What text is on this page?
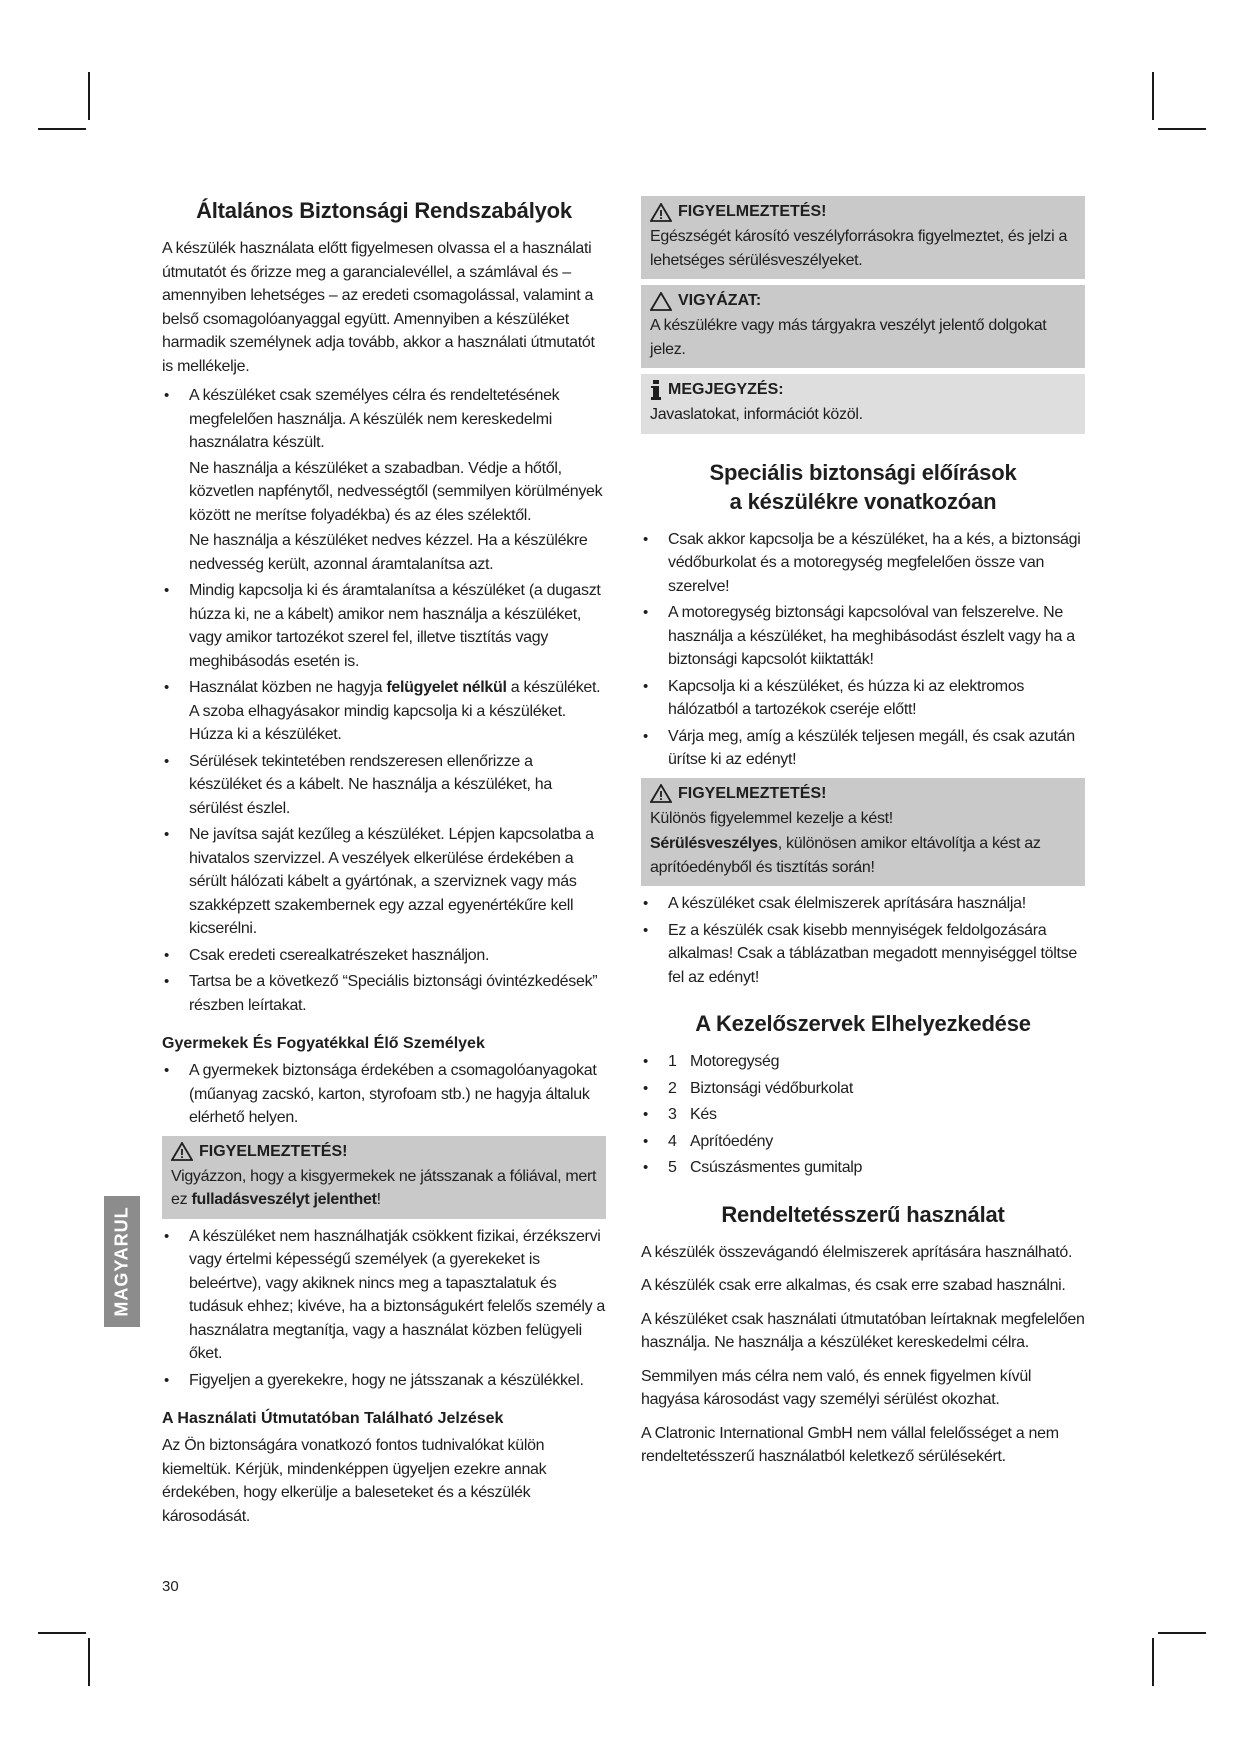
Általános Biztonsági Rendszabályok

A készülék használata előtt figyelmesen olvassa el a használati útmutatót és őrizze meg a garancialevéllel, a számlával és – amennyiben lehetséges – az eredeti csomagolással, valamint a belső csomagolóanyaggal együtt. Amennyiben a készüléket harmadik személynek adja tovább, akkor a használati útmutatót is mellékelje.

• A készüléket csak személyes célra és rendeltetésének megfelelően használja. A készülék nem kereskedelmi használatra készült.
Ne használja a készüléket a szabadban. Védje a hőtől, közvetlen napfénytől, nedvességtől (semmilyen körülmények között ne merítse folyadékba) és az éles szélektől.
Ne használja a készüléket nedves kézzel. Ha a készülékre nedvesség került, azonnal áramtalanítsa azt.
• Mindig kapcsolja ki és áramtalanítsa a készüléket (a dugaszt húzza ki, ne a kábelt) amikor nem használja a készüléket, vagy amikor tartozékot szerel fel, illetve tisztítás vagy meghibásodás esetén is.
• Használat közben ne hagyja felügyelet nélkül a készüléket. A szoba elhagyásakor mindig kapcsolja ki a készüléket. Húzza ki a készüléket.
• Sérülések tekintetében rendszeresen ellenőrizze a készüléket és a kábelt. Ne használja a készüléket, ha sérülést észlel.
• Ne javítsa saját kezűleg a készüléket. Lépjen kapcsolatba a hivatalos szervizzel. A veszélyek elkerülése érdekében a sérült hálózati kábelt a gyártónak, a szerviznek vagy más szakképzett szakembernek egy azzal egyenértékűre kell kicserélni.
• Csak eredeti cserealkatrészeket használjon.
• Tartsa be a következő “Speciális biztonsági óvintézkedések” részben leírtakat.
Gyermekek És Fogyatékkal Élő Személyek
• A gyermekek biztonsága érdekében a csomagolóanyagokat (műanyag zacskó, karton, styrofoam stb.) ne hagyja általuk elérhető helyen.
FIGYELMEZTETÉS!

Vigyázzon, hogy a kisgyermekek ne játsszanak a fóliával, mert ez fulladásveszélyt jelenthet!

• A készüléket nem használhatják csökkent fizikai, érzékszervi vagy értelmi képességű személyek (a gyerekeket is beleértve), vagy akiknek nincs meg a tapasztalatuk és tudásuk ehhez; kivéve, ha a biztonságukért felelős személy a használatra megtanítja, vagy a használat közben felügyeli őket.
• Figyeljen a gyerekekre, hogy ne játsszanak a készülékkel.
A Használati Útmutatóban Található Jelzések

Az Ön biztonságára vonatkozó fontos tudnivalókat külön kiemeltük. Kérjük, mindenképpen ügyeljen ezekre annak érdekében, hogy elkerülje a baleseteket és a készülék károsodását.

FIGYELMEZTETÉS!

Egészségét károsító veszélyforrásokra figyelmeztet, és jelzi a lehetséges sérülésveszélyeket.

VIGYÁZAT:

A készülékre vagy más tárgyakra veszélyt jelentő dolgokat jelez.

MEGJEGYZÉS:

Javaslatokat, információt közöl.

Speciális biztonsági előírások
a készülékre vonatkozóan
• Csak akkor kapcsolja be a készüléket, ha a kés, a biztonsági védőburkolat és a motoregység megfelelően össze van szerelve!
• A motoregység biztonsági kapcsolóval van felszerelve. Ne használja a készüléket, ha meghibásodást észlelt vagy ha a biztonsági kapcsolót kiiktatták!
• Kapcsolja ki a készüléket, és húzza ki az elektromos hálózatból a tartozékok cseréje előtt!
• Várja meg, amíg a készülék teljesen megáll, és csak azután ürítse ki az edényt!
FIGYELMEZTETÉS!

Különös figyelemmel kezelje a kést!

Sérülésveszélyes, különösen amikor eltávolítja a kést az aprítóedényből és tisztítás során!

• A készüléket csak élelmiszerek aprítására használja!
• Ez a készülék csak kisebb mennyiségek feldolgozására alkalmas! Csak a táblázatban megadott mennyiséggel töltse fel az edényt!
A Kezelőszervek Elhelyezkedése
• 1 Motoregység
• 2 Biztonsági védőburkolat
• 3 Kés
• 4 Aprítóedény
• 5 Csúszásmentes gumitalp
Rendeltetésszerű használat

A készülék összevágandó élelmiszerek aprítására használható.

A készülék csak erre alkalmas, és csak erre szabad használni.

A készüléket csak használati útmutatóban leírtaknak megfelelően használja. Ne használja a készüléket kereskedelmi célra.

Semmilyen más célra nem való, és ennek figyelmen kívül hagyása károsodást vagy személyi sérülést okozhat.

A Clatronic International GmbH nem vállal felelősséget a nem rendeltetésszerű használatból keletkező sérülésekért.

MAGYARUL
30
